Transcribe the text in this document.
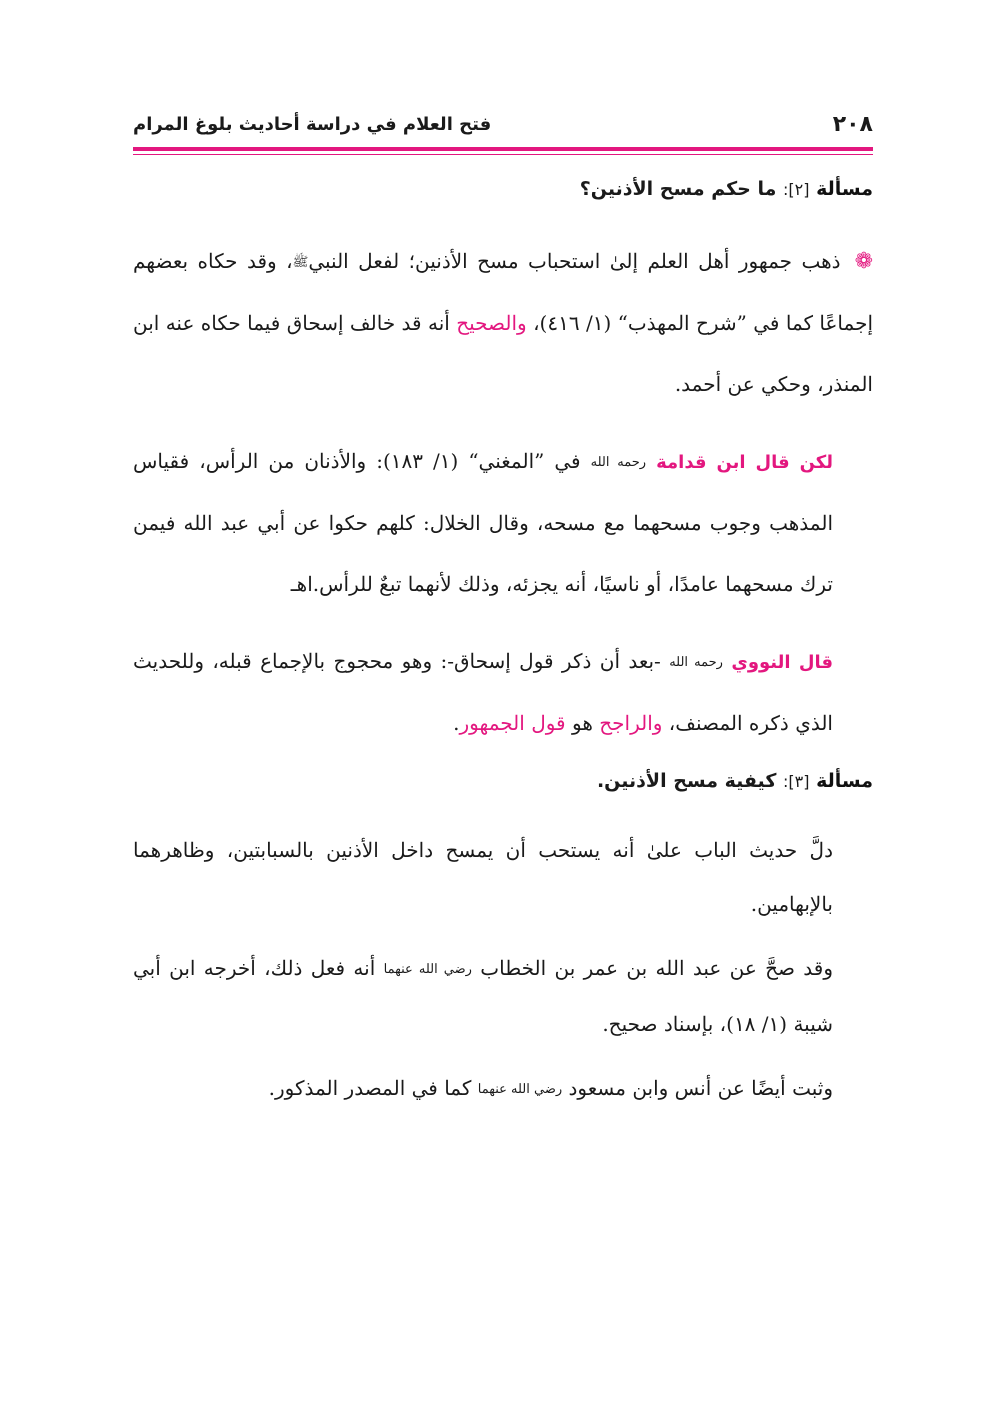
٢٠٨
فتح العلام في دراسة أحاديث بلوغ المرام
مسألة [٢]: ما حكم مسح الأذنين؟

❁ذهب جمهور أهل العلم إلىٰ استحباب مسح الأذنين؛ لفعل النبيﷺ، وقد حكاه بعضهم إجماعًا كما في ”شرح المهذب“ (١/ ٤١٦)، والصحيح أنه قد خالف إسحاق فيما حكاه عنه ابن المنذر، وحكي عن أحمد.

لكن قال ابن قدامة رحمه الله في ”المغني“ (١/ ١٨٣): والأذنان من الرأس، فقياس المذهب وجوب مسحهما مع مسحه، وقال الخلال: كلهم حكوا عن أبي عبد الله فيمن ترك مسحهما عامدًا، أو ناسيًا، أنه يجزئه، وذلك لأنهما تبعٌ للرأس.اهـ

قال النووي رحمه الله -بعد أن ذكر قول إسحاق-: وهو محجوج بالإجماع قبله، وللحديث الذي ذكره المصنف، والراجح هو قول الجمهور.

مسألة [٣]: كيفية مسح الأذنين.

دلَّ حديث الباب علىٰ أنه يستحب أن يمسح داخل الأذنين بالسبابتين، وظاهرهما بالإبهامين.

وقد صحَّ عن عبد الله بن عمر بن الخطاب رضي الله عنهما أنه فعل ذلك، أخرجه ابن أبي شيبة (١/ ١٨)، بإسناد صحيح.

وثبت أيضًا عن أنس وابن مسعود رضي الله عنهما كما في المصدر المذكور.
